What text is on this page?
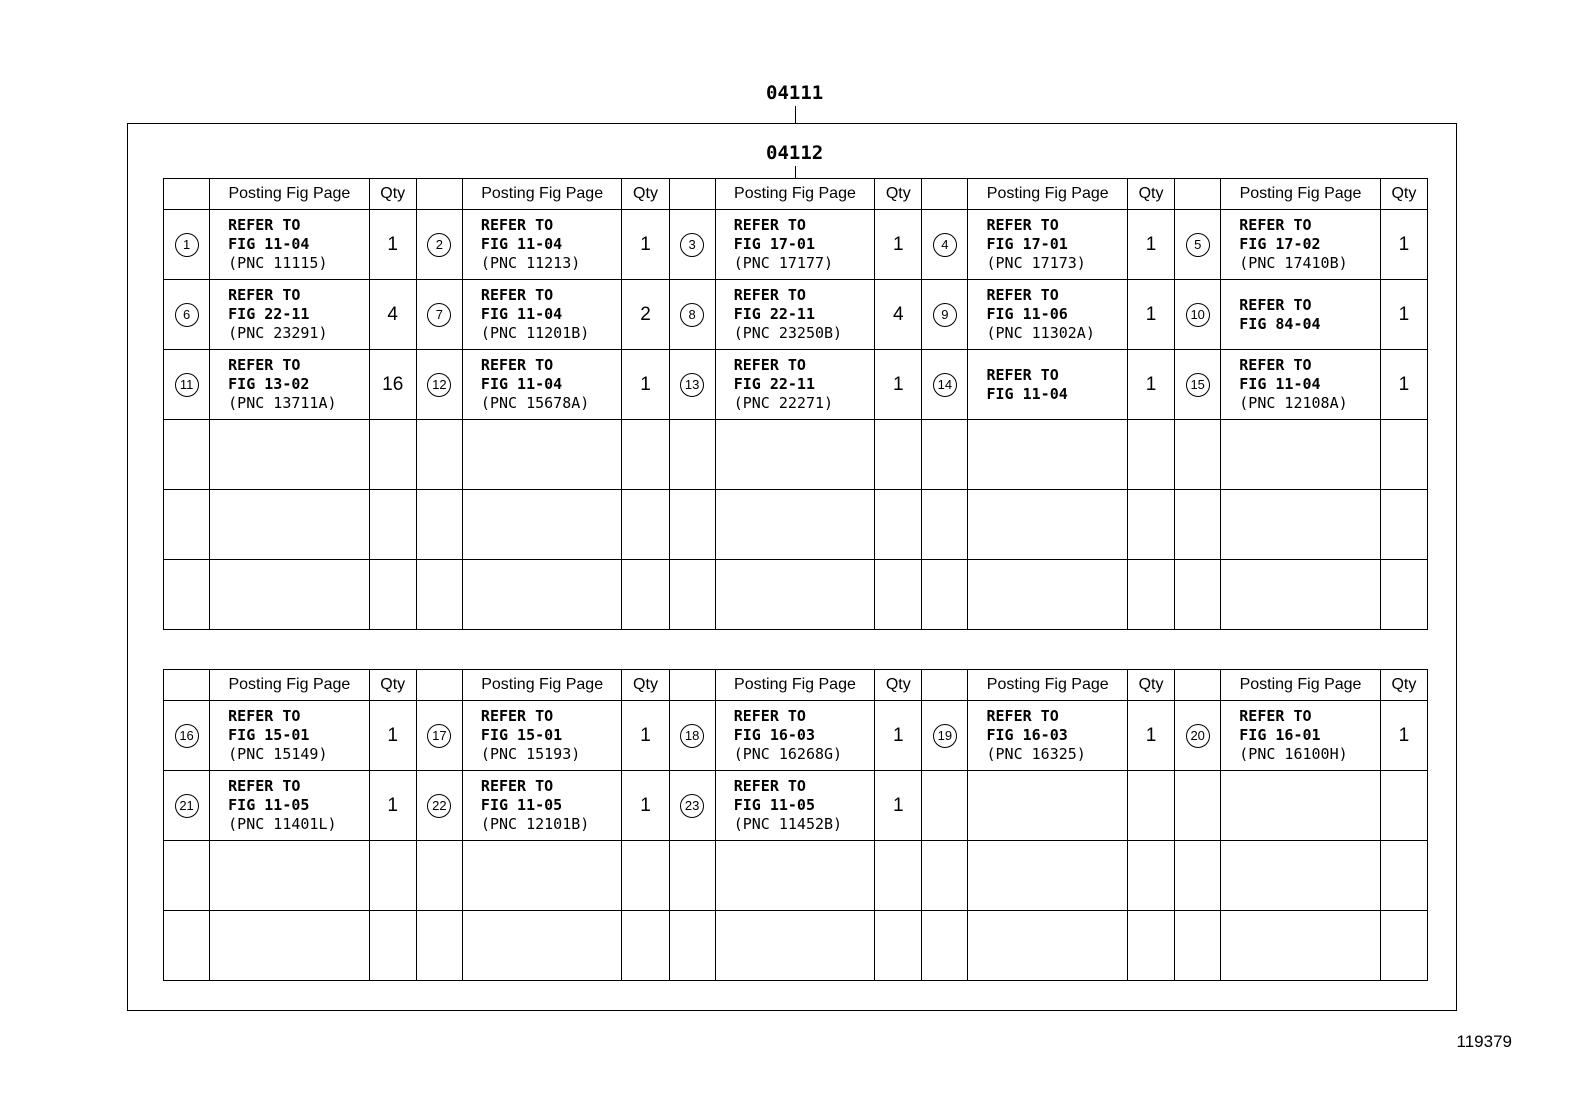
04111
04112
	Posting Fig Page	Qty		Posting Fig Page	Qty		Posting Fig Page	Qty		Posting Fig Page	Qty		Posting Fig Page	Qty
1	REFER TO
FIG 11-04
(PNC 11115)	1	2	REFER TO
FIG 11-04
(PNC 11213)	1	3	REFER TO
FIG 17-01
(PNC 17177)	1	4	REFER TO
FIG 17-01
(PNC 17173)	1	5	REFER TO
FIG 17-02
(PNC 17410B)	1
6	REFER TO
FIG 22-11
(PNC 23291)	4	7	REFER TO
FIG 11-04
(PNC 11201B)	2	8	REFER TO
FIG 22-11
(PNC 23250B)	4	9	REFER TO
FIG 11-06
(PNC 11302A)	1	10	REFER TO
FIG 84-04	1
11	REFER TO
FIG 13-02
(PNC 13711A)	16	12	REFER TO
FIG 11-04
(PNC 15678A)	1	13	REFER TO
FIG 22-11
(PNC 22271)	1	14	REFER TO
FIG 11-04	1	15	REFER TO
FIG 11-04
(PNC 12108A)	1

	Posting Fig Page	Qty		Posting Fig Page	Qty		Posting Fig Page	Qty		Posting Fig Page	Qty		Posting Fig Page	Qty
16	REFER TO
FIG 15-01
(PNC 15149)	1	17	REFER TO
FIG 15-01
(PNC 15193)	1	18	REFER TO
FIG 16-03
(PNC 16268G)	1	19	REFER TO
FIG 16-03
(PNC 16325)	1	20	REFER TO
FIG 16-01
(PNC 16100H)	1
21	REFER TO
FIG 11-05
(PNC 11401L)	1	22	REFER TO
FIG 11-05
(PNC 12101B)	1	23	REFER TO
FIG 11-05
(PNC 11452B)	1						

119379
